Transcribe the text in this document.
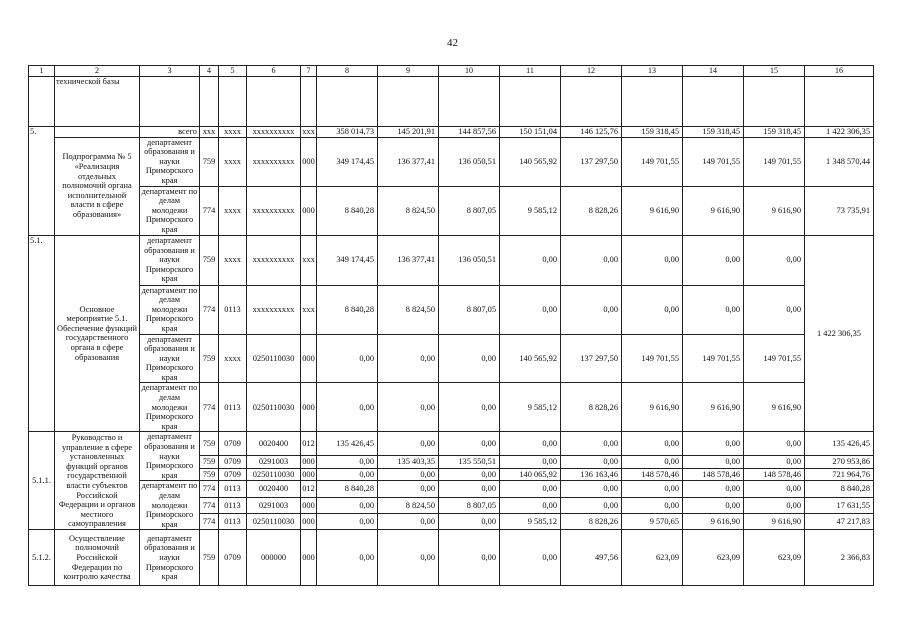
42
1	2	3	4	5	6	7	8	9	10	11	12	13	14	15	16
	технической базы														
5.		всего	xxx	xxxx	xxxxxxxxxx	xxx	358 014,73	145 201,91	144 857,56	150 151,04	146 125,76	159 318,45	159 318,45	159 318,45	1 422 306,35
	Подпрограмма № 5 «Реализация отдельных полномочий органа исполнительной власти в сфере образования»	департамент образования и науки Приморского края	759	xxxx	xxxxxxxxxx	000	349 174,45	136 377,41	136 050,51	140 565,92	137 297,50	149 701,55	149 701,55	149 701,55	1 348 570,44
		департамент по делам молодежи Приморского края	774	xxxx	xxxxxxxxxx	000	8 840,28	8 824,50	8 807,05	9 585,12	8 828,26	9 616,90	9 616,90	9 616,90	73 735,91
5.1.	Основное мероприятие 5.1. Обеспечение функций государственного органа в сфере образования	департамент образования и науки Приморского края	759	xxxx	xxxxxxxxxx	xxx	349 174,45	136 377,41	136 050,51	0,00	0,00	0,00	0,00	0,00	1 422 306,35
		департамент по делам молодежи Приморского края	774	0113	xxxxxxxxxx	xxx	8 840,28	8 824,50	8 807,05	0,00	0,00	0,00	0,00	0,00	
		департамент образования и науки Приморского края	759	xxxx	0250110030	000	0,00	0,00	0,00	140 565,92	137 297,50	149 701,55	149 701,55	149 701,55	
		департамент по делам молодежи Приморского края	774	0113	0250110030	000	0,00	0,00	0,00	9 585,12	8 828,26	9 616,90	9 616,90	9 616,90	
5.1.1.	Руководство и управление в сфере установленных функций органов государственной власти субъектов Российской Федерации и органов местного самоуправления	департамент образования и науки Приморского края	759	0709	0020400	012	135 426,45	0,00	0,00	0,00	0,00	0,00	0,00	0,00	135 426,45
			759	0709	0291003	000	0,00	135 403,35	135 550,51	0,00	0,00	0,00	0,00	0,00	270 953,86
			759	0709	0250110030	000	0,00	0,00	0,00	140 065,92	136 163,46	148 578,46	148 578,46	148 578,46	721 964,76
		департамент по делам молодежи Приморского края	774	0113	0020400	012	8 840,28	0,00	0,00	0,00	0,00	0,00	0,00	0,00	8 840,28
			774	0113	0291003	000	0,00	8 824,50	8 807,05	0,00	0,00	0,00	0,00	0,00	17 631,55
			774	0113	0250110030	000	0,00	0,00	0,00	9 585,12	8 828,26	9 570,65	9 616,90	9 616,90	47 217,83
5.1.2.	Осуществление полномочий Российской Федерации по контролю качества	департамент образования и науки Приморского края	759	0709	000000	000	0,00	0,00	0,00	0,00	497,56	623,09	623,09	623,09	2 366,83
